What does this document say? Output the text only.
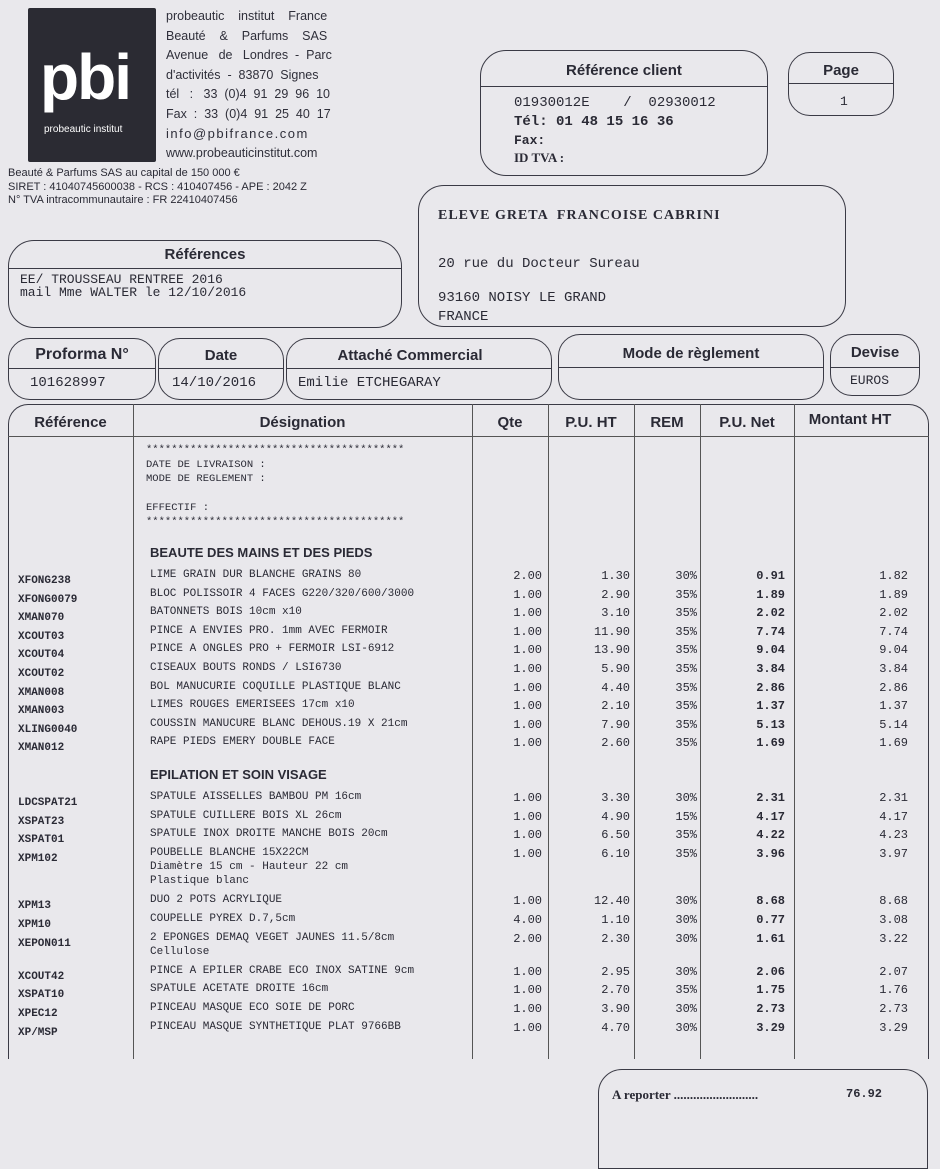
pbi
probeautic institut
probeautic    institut    France
Beauté    &    Parfums    SAS
Avenue   de   Londres  -  Parc
d'activités  -  83870  Signes
tél   :   33  (0)4  91  29  96  10
Fax  :  33  (0)4  91  25  40  17
info@pbifrance.com
www.probeauticinstitut.com
Beauté & Parfums SAS au capital de 150 000 €
SIRET : 41040745600038 - RCS : 410407456 - APE : 2042 Z
N° TVA intracommunautaire : FR 22410407456
Référence client
01930012E    /  02930012
Tél: 01 48 15 16 36
Fax:
ID TVA :
Page
1
ELEVE GRETA  FRANCOISE CABRINI
20 rue du Docteur Sureau
93160 NOISY LE GRAND
FRANCE
Références
EE/ TROUSSEAU RENTREE 2016
mail Mme WALTER le 12/10/2016
Proforma N°
101628997
Date
14/10/2016
Attaché Commercial
Emilie ETCHEGARAY
Mode de règlement	Devise
EUROS
Référence	Désignation	Qte	P.U. HT	REM	P.U. Net	Montant HT
*****************************************
DATE DE LIVRAISON :
MODE DE REGLEMENT :
EFFECTIF :
*****************************************
BEAUTE DES MAINS ET DES PIEDS
XFONG238	LIME GRAIN DUR BLANCHE GRAINS 80	2.00	1.30	30%	0.91	1.82
XFONG0079	BLOC POLISSOIR 4 FACES G220/320/600/3000	1.00	2.90	35%	1.89	1.89
XMAN070	BATONNETS BOIS 10cm x10	1.00	3.10	35%	2.02	2.02
XCOUT03	PINCE A ENVIES PRO. 1mm AVEC FERMOIR	1.00	11.90	35%	7.74	7.74
XCOUT04	PINCE A ONGLES PRO + FERMOIR LSI-6912	1.00	13.90	35%	9.04	9.04
XCOUT02	CISEAUX BOUTS RONDS / LSI6730	1.00	5.90	35%	3.84	3.84
XMAN008	BOL MANUCURIE COQUILLE PLASTIQUE BLANC	1.00	4.40	35%	2.86	2.86
XMAN003	LIMES ROUGES EMERISEES 17cm x10	1.00	2.10	35%	1.37	1.37
XLING0040	COUSSIN MANUCURE BLANC DEHOUS.19 X 21cm	1.00	7.90	35%	5.13	5.14
XMAN012	RAPE PIEDS EMERY DOUBLE FACE	1.00	2.60	35%	1.69	1.69
EPILATION ET SOIN VISAGE
LDCSPAT21	SPATULE AISSELLES BAMBOU PM 16cm	1.00	3.30	30%	2.31	2.31
XSPAT23	SPATULE CUILLERE BOIS XL 26cm	1.00	4.90	15%	4.17	4.17
XSPAT01	SPATULE INOX DROITE MANCHE BOIS 20cm	1.00	6.50	35%	4.22	4.23
XPM102	POUBELLE BLANCHE 15X22CM	1.00	6.10	35%	3.96	3.97
Diamètre 15 cm - Hauteur 22 cm
Plastique blanc
XPM13	DUO 2 POTS ACRYLIQUE	1.00	12.40	30%	8.68	8.68
XPM10	COUPELLE PYREX D.7,5cm	4.00	1.10	30%	0.77	3.08
XEPON011	2 EPONGES DEMAQ VEGET JAUNES 11.5/8cm	2.00	2.30	30%	1.61	3.22
Cellulose
XCOUT42	PINCE A EPILER CRABE ECO INOX SATINE 9cm	1.00	2.95	30%	2.06	2.07
XSPAT10	SPATULE ACETATE DROITE 16cm	1.00	2.70	35%	1.75	1.76
XPEC12	PINCEAU MASQUE ECO SOIE DE PORC	1.00	3.90	30%	2.73	2.73
XP/MSP	PINCEAU MASQUE SYNTHETIQUE PLAT 9766BB	1.00	4.70	30%	3.29	3.29
A reporter ..........................	76.92
